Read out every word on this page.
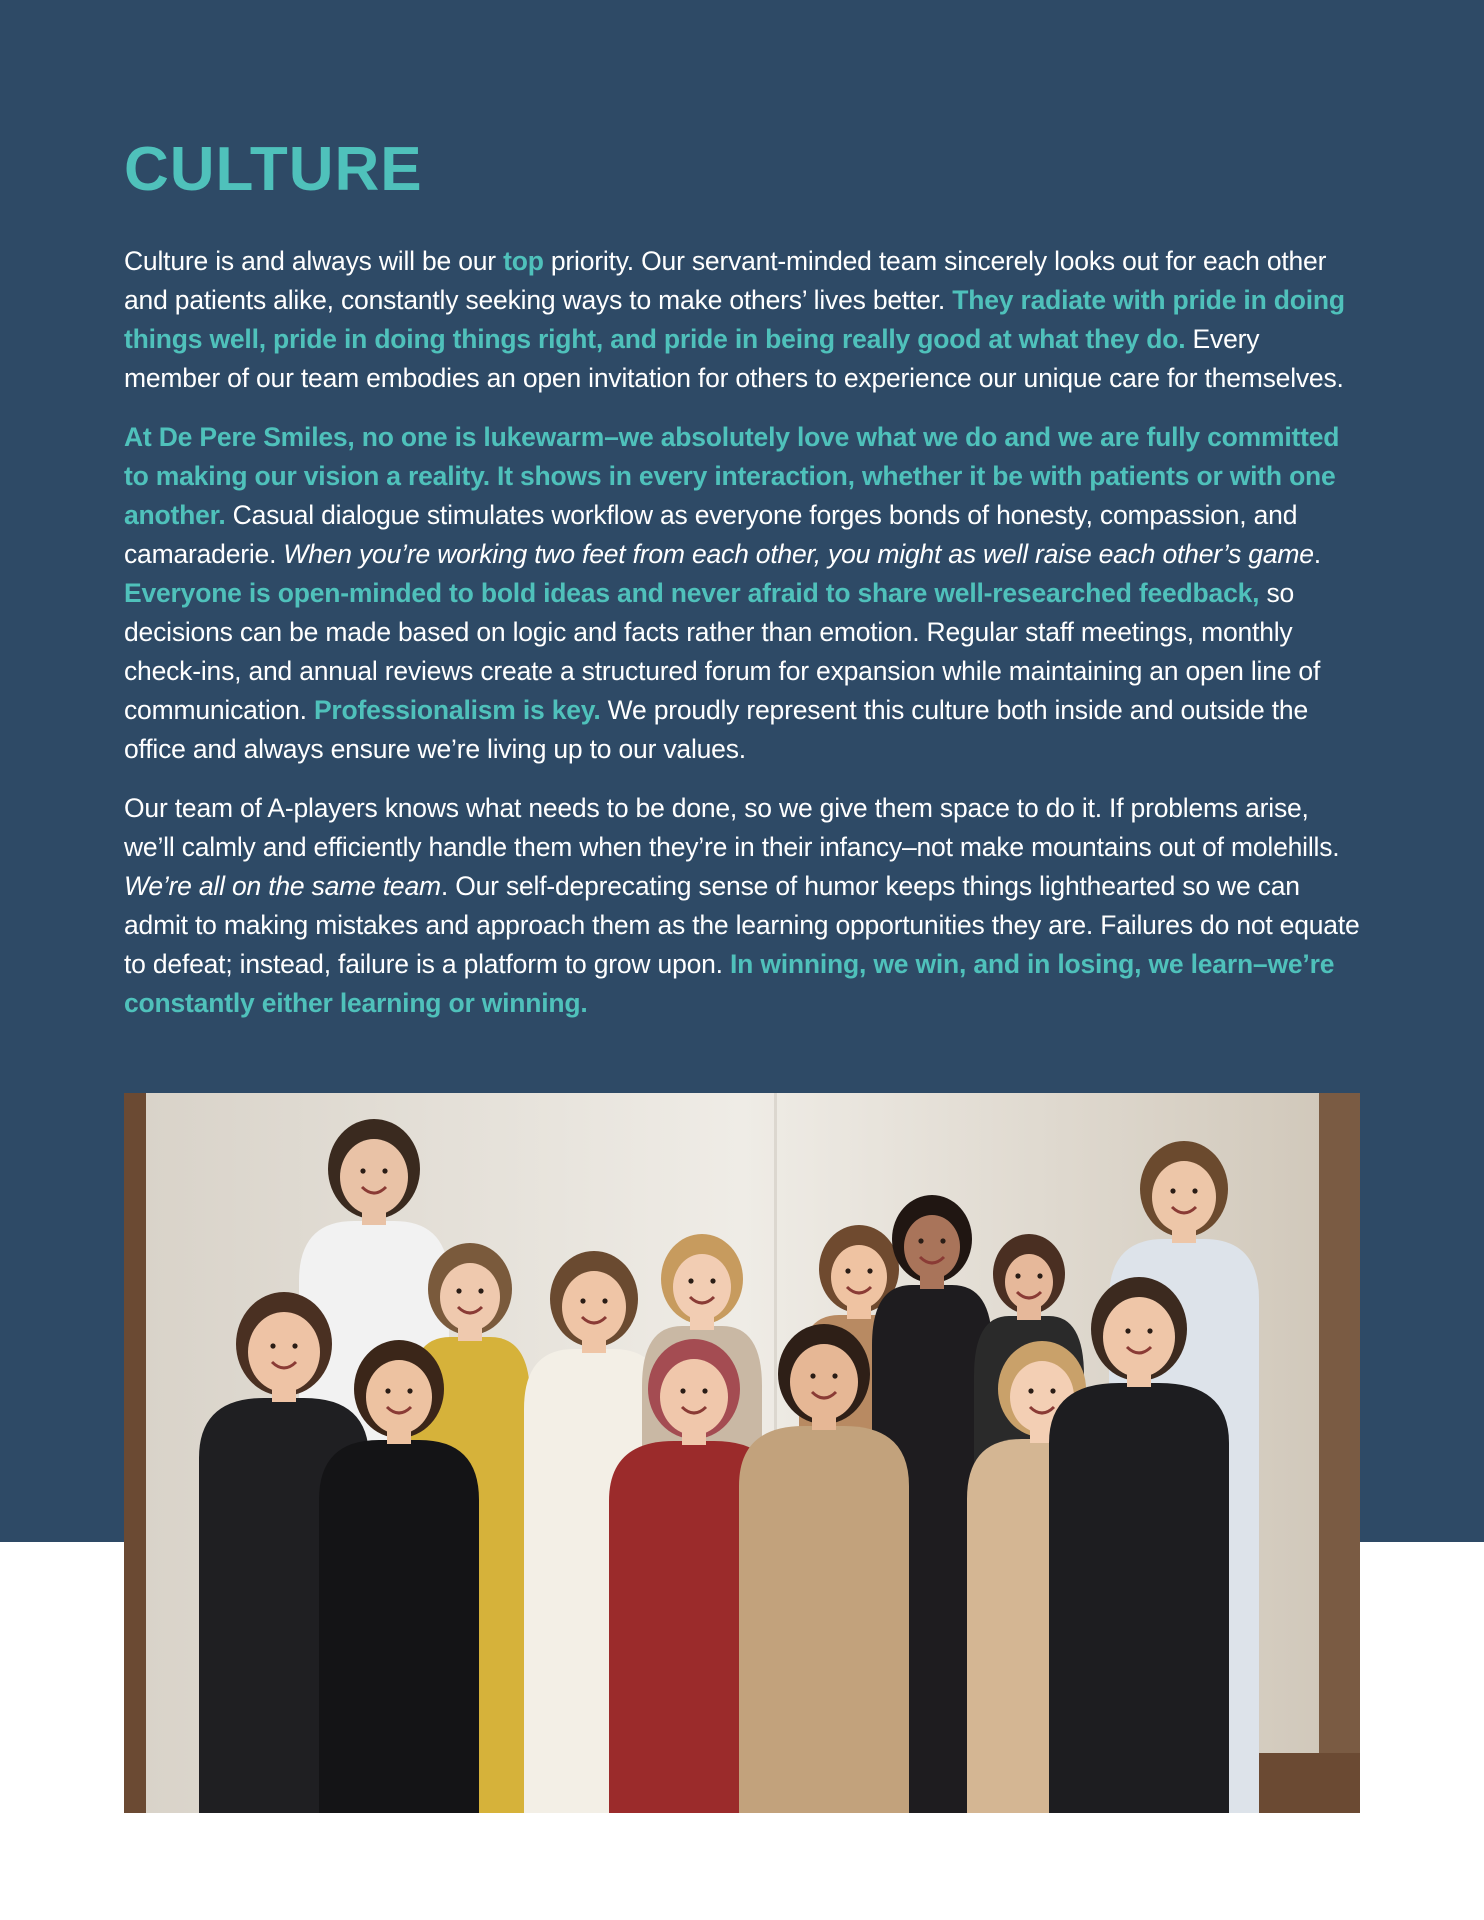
CULTURE

Culture is and always will be our top priority. Our servant-minded team sincerely looks out for each other and patients alike, constantly seeking ways to make others’ lives better. They radiate with pride in doing things well, pride in doing things right, and pride in being really good at what they do. Every member of our team embodies an open invitation for others to experience our unique care for themselves.

At De Pere Smiles, no one is lukewarm–we absolutely love what we do and we are fully committed to making our vision a reality. It shows in every interaction, whether it be with patients or with one another. Casual dialogue stimulates workflow as everyone forges bonds of honesty, compassion, and camaraderie. When you’re working two feet from each other, you might as well raise each other’s game. Everyone is open-minded to bold ideas and never afraid to share well-researched feedback, so decisions can be made based on logic and facts rather than emotion. Regular staff meetings, monthly check-ins, and annual reviews create a structured forum for expansion while maintaining an open line of communication. Professionalism is key. We proudly represent this culture both inside and outside the office and always ensure we’re living up to our values.

Our team of A-players knows what needs to be done, so we give them space to do it. If problems arise, we’ll calmly and efficiently handle them when they’re in their infancy–not make mountains out of molehills. We’re all on the same team. Our self-deprecating sense of humor keeps things lighthearted so we can admit to making mistakes and approach them as the learning opportunities they are. Failures do not equate to defeat; instead, failure is a platform to grow upon. In winning, we win, and in losing, we learn–we’re constantly either learning or winning.
